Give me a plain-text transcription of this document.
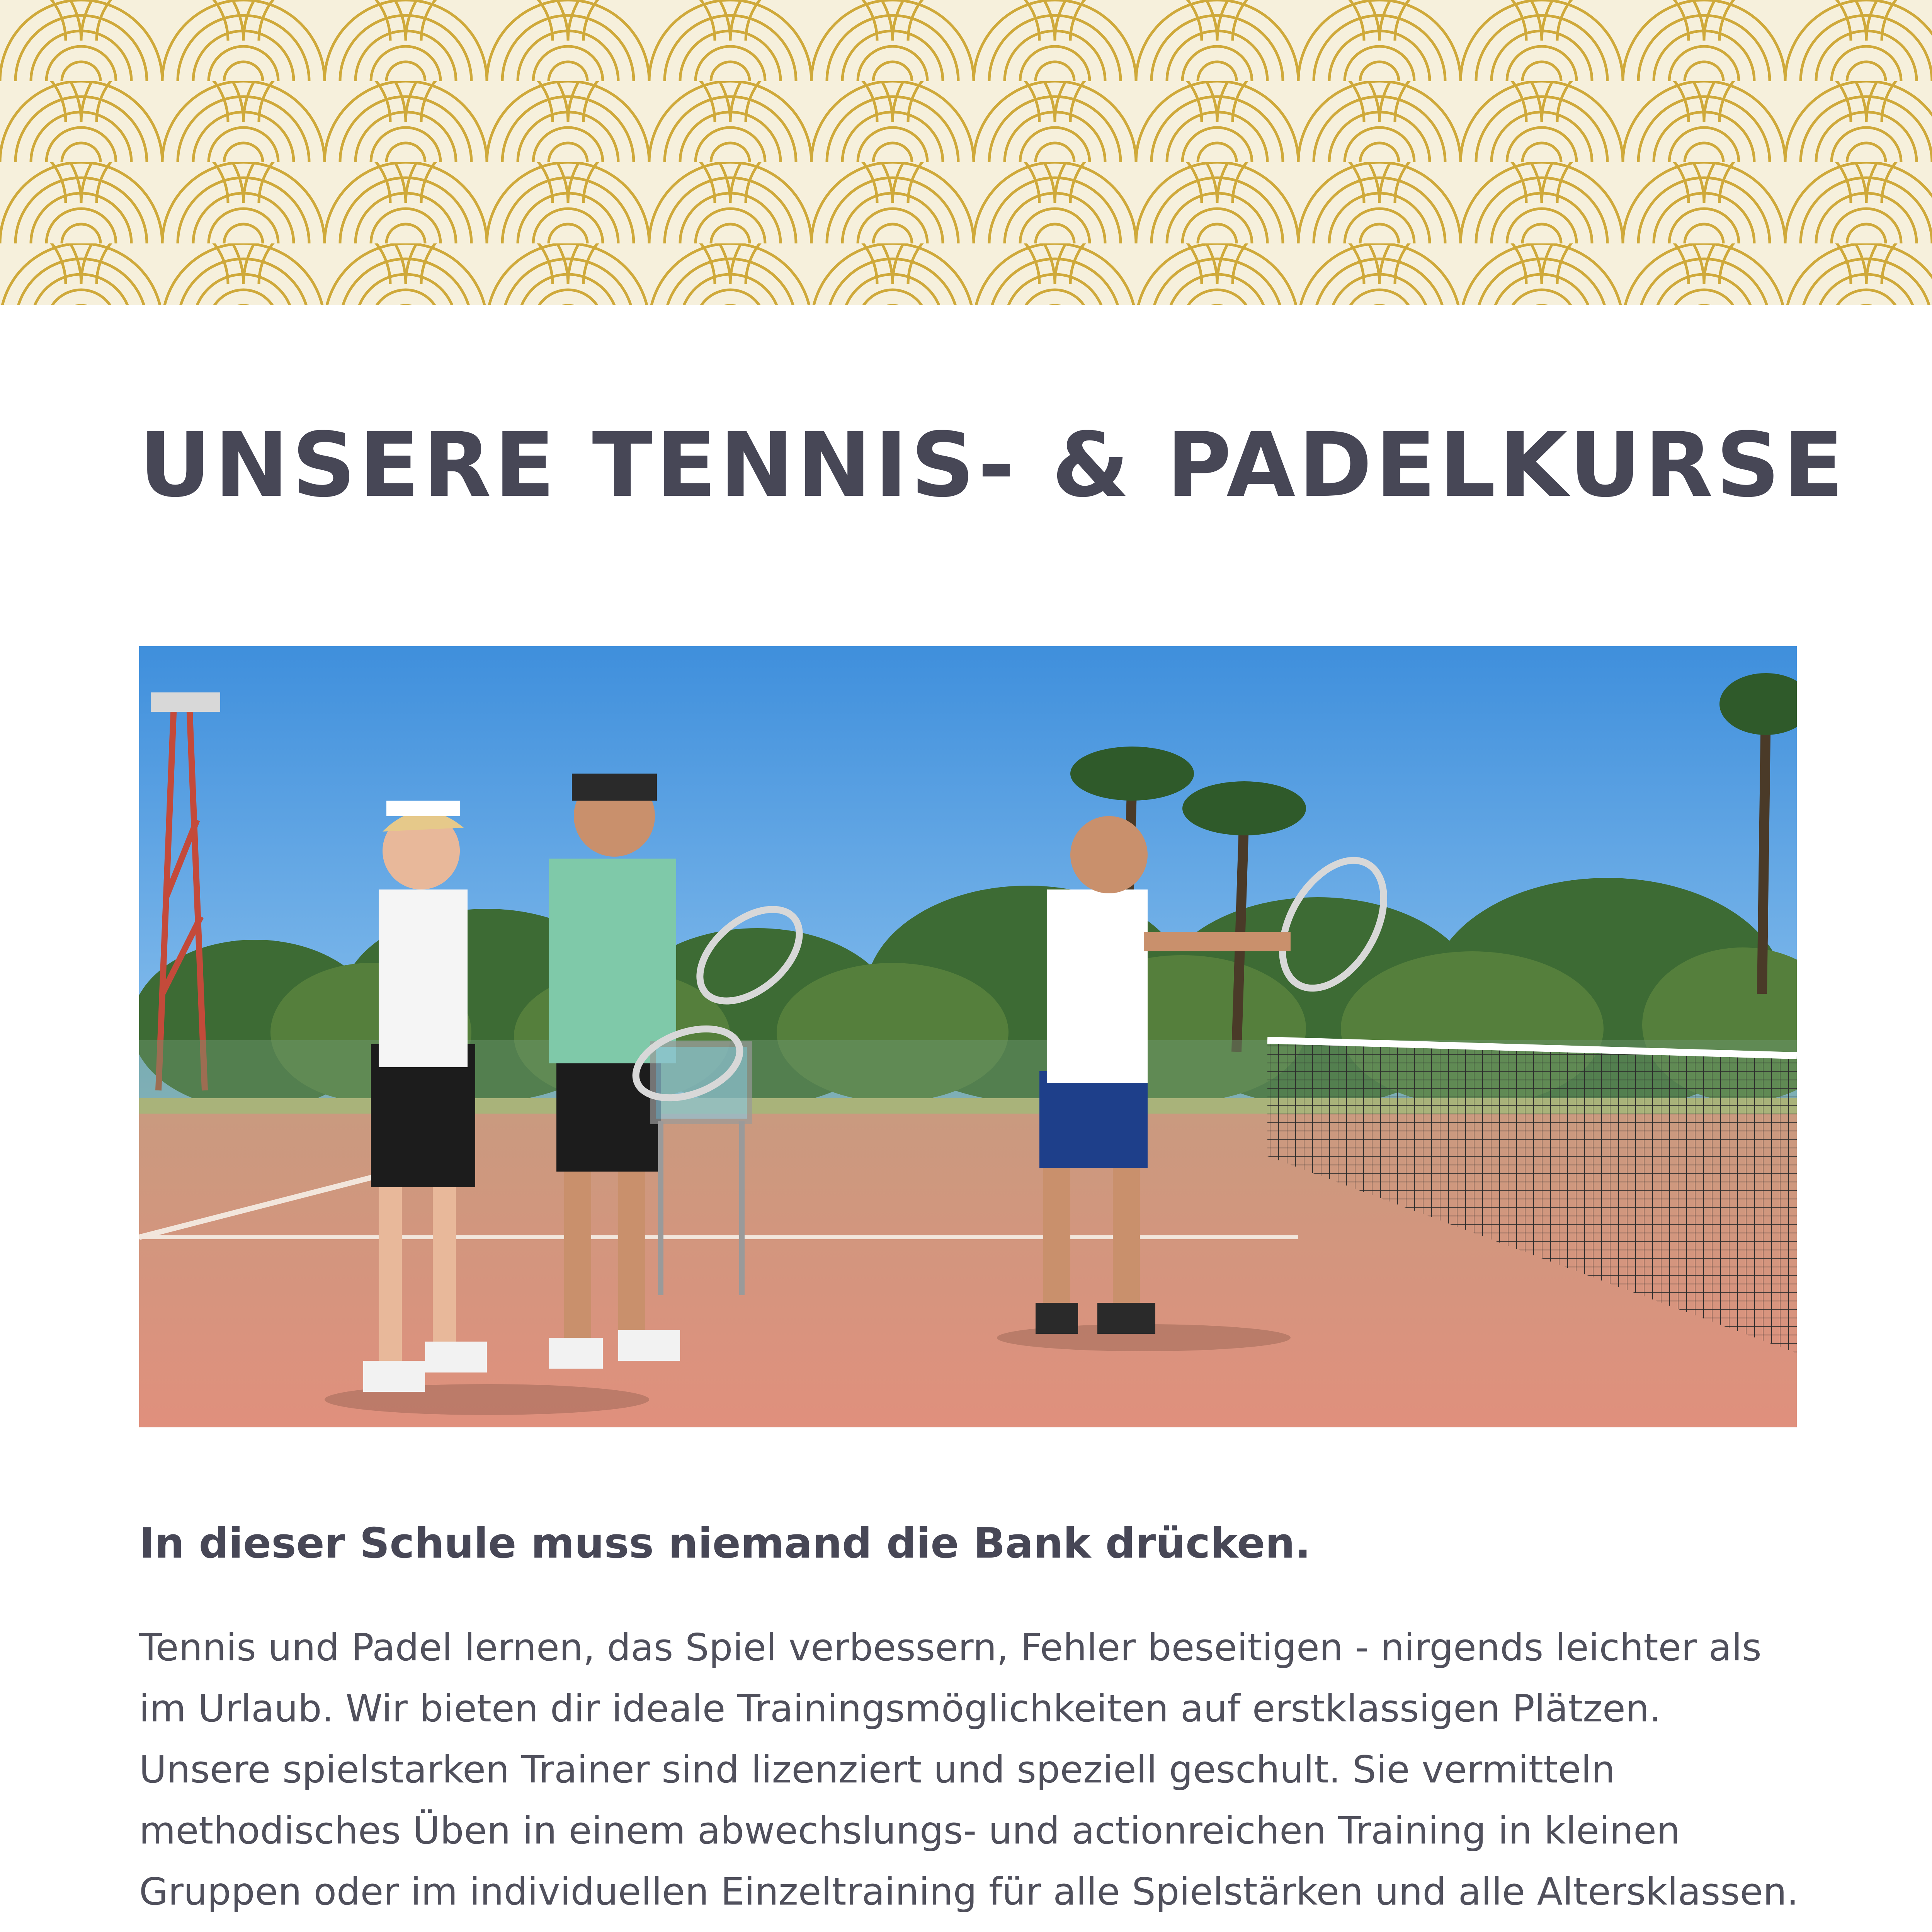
UNSERE TENNIS- & PADELKURSE
In dieser Schule muss niemand die Bank drücken.

Tennis und Padel lernen, das Spiel verbessern, Fehler beseitigen - nirgends leichter als im Urlaub. Wir bieten dir ideale Trainingsmöglichkeiten auf erstklassigen Plätzen. Unsere spielstarken Trainer sind lizenziert und speziell geschult. Sie vermitteln methodisches Üben in einem abwechslungs- und actionreichen Training in kleinen Gruppen oder im individuellen Einzeltraining für alle Spielstärken und alle Altersklassen.
